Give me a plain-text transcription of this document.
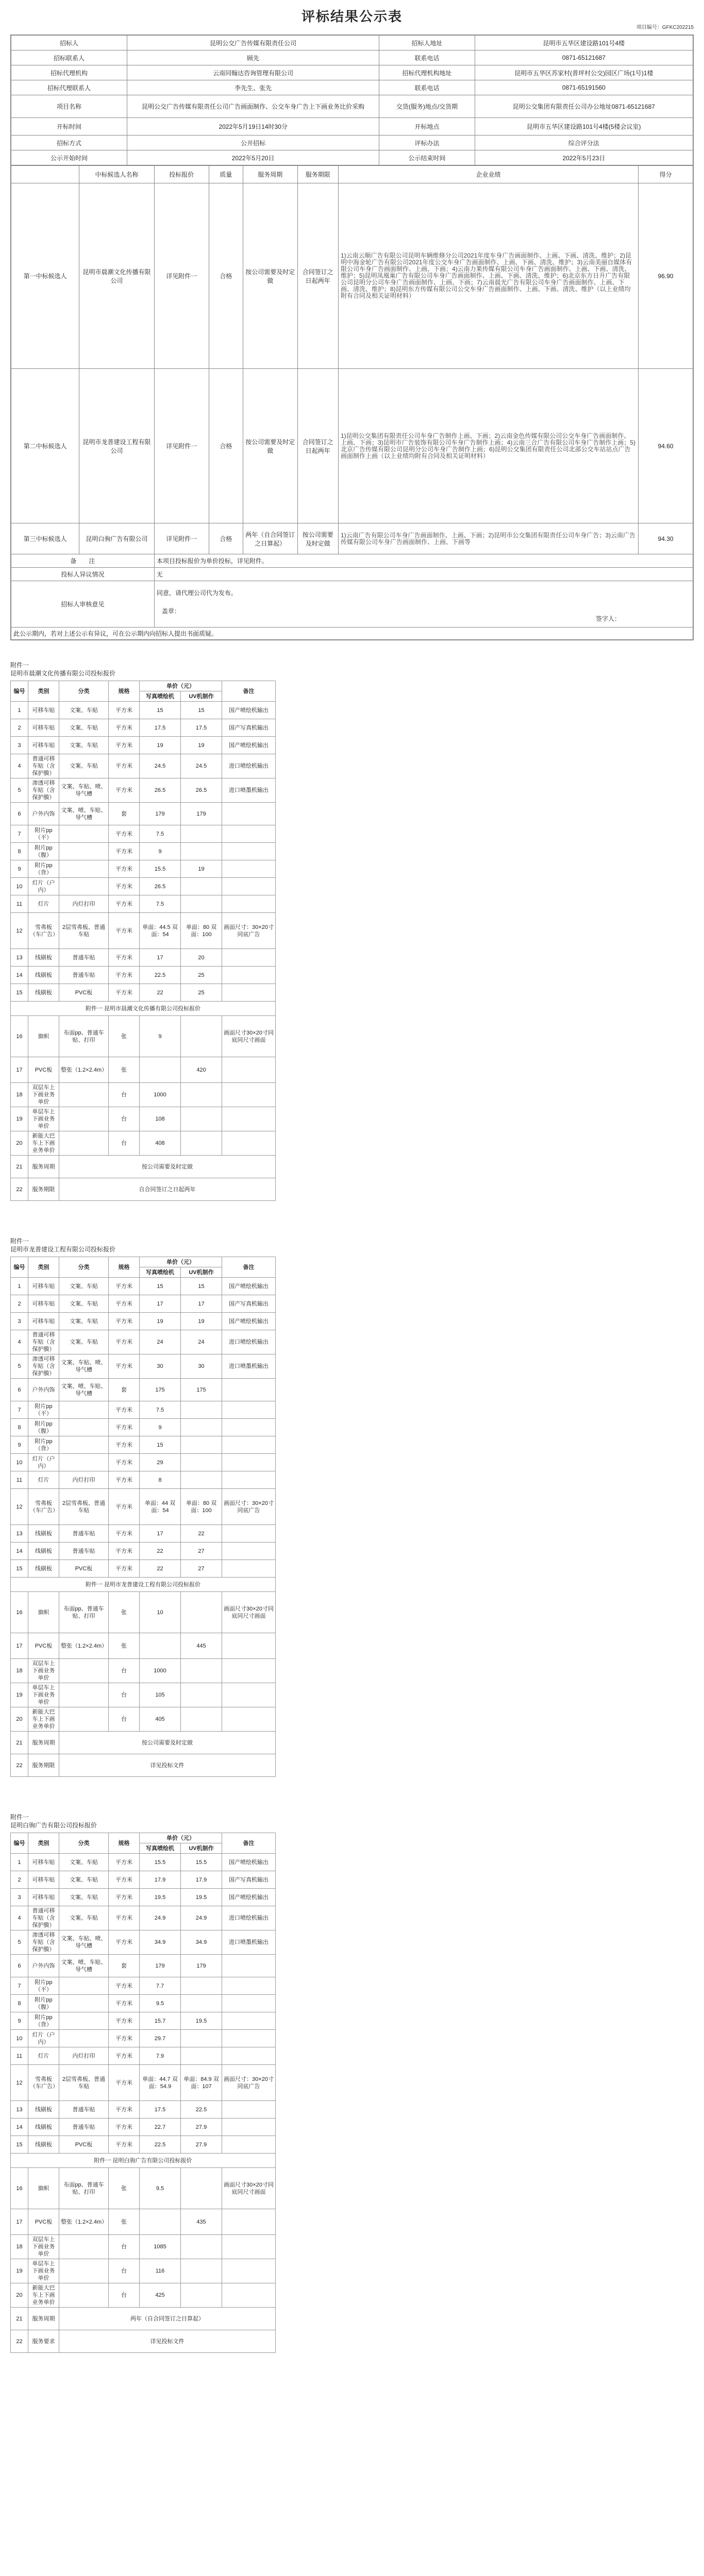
评标结果公示表
项目编号：GFKC202215
招标人	昆明公交广告传媒有限责任公司	招标人地址	昆明市五华区建设路101号4楼
招标联系人	顾先	联系电话	0871-65121687
招标代理机构	云南同翰达咨询管理有限公司	招标代理机构地址	昆明市五华区苏家村(普坪村公交)园区广场(1号)1楼
招标代理联系人	李先生、张先	联系电话	0871-65191560
项目名称	昆明公交广告传媒有限责任公司广告画面制作、公交车身广告上下画业务比价采购	交货(服务)地点/交货期	昆明公交集团有限责任公司办公地址0871-65121687
开标时间	2022年5月19日14时30分	开标地点	昆明市五华区建设路101号4楼(5楼会议室)
招标方式	公开招标	评标办法	综合评分法
公示开始时间	2022年5月20日	公示结束时间	2022年5月23日
	中标候选人名称	投标报价	质量	服务周期	服务期限	企业业绩	得分
第一中标候选人	昆明市晨潮文化传播有限公司	详见附件一	合格	按公司需要及时定做	合同签订之日起两年	1)云南云顺广告有限公司昆明车辆维修分公司2021年度车身广告画面制作、上画、下画、清洗、维护；2)昆明中海金轮广告有限公司2021年度公交车身广告画面制作、上画、下画、清洗、维护；3)云南美丽自媒体有限公司车身广告画面制作、上画、下画；4)云南力莱传媒有限公司车身广告画面制作、上画、下画、清洗、维护；5)昆明凤凰巢广告有限公司车身广告画面制作、上画、下画、清洗、维护；6)北京东方日升广告有限公司昆明分公司车身广告画面制作、上画、下画；7)云南晨光广告有限公司车身广告画面制作、上画、下画、清洗、维护；8)昆明东方传媒有限公司公交车身广告画面制作、上画、下画、清洗、维护（以上业绩均附有合同及相关证明材料）	96.90
第二中标候选人	昆明市龙普建设工程有限公司	详见附件一	合格	按公司需要及时定做	合同签订之日起两年	1)昆明公交集团有限责任公司车身广告制作上画、下画；2)云南金色传媒有限公司公交车身广告画面制作、上画、下画；3)昆明市广告装饰有限公司车身广告制作上画；4)云南三合广告有限公司车身广告制作上画；5)北京广告传媒有限公司昆明分公司车身广告制作上画；6)昆明公交集团有限责任公司北部公交车站站点广告画面制作上画（以上业绩均附有合同及相关证明材料）	94.60
第三中标候选人	昆明白驹广告有限公司	详见附件一	合格	两年（自合同签订之日算起）	按公司需要及时定做	1)云南广告有限公司车身广告画面制作、上画、下画；2)昆明市公交集团有限责任公司车身广告；3)云南广告传媒有限公司车身广告画面制作、上画、下画等	94.30
备　　注		本项目投标报价为单价投标，详见附件。					
投标人异议情况		无					
招标人审核意见		同意，请代理公司代为发布。
盖章：
签字人：					

此公示期内，若对上述公示有异议，可在公示期内向招标人提出书面质疑。							
附件一
昆明市晨潮文化传播有限公司投标报价
编号	类别	分类	规格	单价（元）		备注
				写真喷绘机	UV机制作	
1	可移车贴	文案、车贴	平方米	15	15	国产喷绘机输出
2	可移车贴	文案、车贴	平方米	17.5	17.5	国产写真机输出
3	可移车贴	文案、车贴	平方米	19	19	国产喷绘机输出
4	普通可移车贴（含保护膜）	文案、车贴	平方米	24.5	24.5	进口喷绘机输出
5	渗透可移车贴（含保护膜）	文案、车贴、喷、导气槽	平方米	26.5	26.5	进口喷墨机输出
6	户外内饰	文案、喷、车贴、导气槽	套	179	179	
7	附片pp（平）		平方米	7.5		
8	附片pp（腹）		平方米	9		
9	附片pp（背）		平方米	15.5	19	
10	灯片（户内）		平方米	26.5		
11	灯片	内灯打印	平方米	7.5		
12	雪弗板（车广告）	2层雪弗板、普通车贴	平方米	单面：44.5 双面：54	单面：80 双面：100	画面尺寸：30×20寸 同底广告
13	线刷板	普通车贴	平方米	17	20	
14	线刷板	普通车贴	平方米	22.5	25	
15	线刷板	PVC板	平方米	22	25	
附件一 昆明市晨潮文化传播有限公司投标报价						
16	旗帜	布面pp、普通车贴、打印	张	9		画面尺寸30×20寸同底同尺寸画面
17	PVC板	整张（1.2×2.4m）	张		420	
18	双层车上下画业务单价		台	1000		
19	单层车上下画业务单价		台	108		
20	新能大巴车上下画业务单价		台	408		
21	服务周期	按公司需要及时定做				
22	服务期限	自合同签订之日起两年				
附件一
昆明市龙普建设工程有限公司投标报价
编号	类别	分类	规格	单价（元）		备注
				写真喷绘机	UV机制作	
1	可移车贴	文案、车贴	平方米	15	15	国产喷绘机输出
2	可移车贴	文案、车贴	平方米	17	17	国产写真机输出
3	可移车贴	文案、车贴	平方米	19	19	国产喷绘机输出
4	普通可移车贴（含保护膜）	文案、车贴	平方米	24	24	进口喷绘机输出
5	渗透可移车贴（含保护膜）	文案、车贴、喷、导气槽	平方米	30	30	进口喷墨机输出
6	户外内饰	文案、喷、车贴、导气槽	套	175	175	
7	附片pp（平）		平方米	7.5		
8	附片pp（腹）		平方米	9		
9	附片pp（背）		平方米	15		
10	灯片（户内）		平方米	29		
11	灯片	内灯打印	平方米	8		
12	雪弗板（车广告）	2层雪弗板、普通车贴	平方米	单面：44 双面：54	单面：80 双面：100	画面尺寸：30×20寸 同底广告
13	线刷板	普通车贴	平方米	17	22	
14	线刷板	普通车贴	平方米	22	27	
15	线刷板	PVC板	平方米	22	27	
附件一 昆明市龙普建设工程有限公司投标报价						
16	旗帜	布面pp、普通车贴、打印	张	10		画面尺寸30×20寸同底同尺寸画面
17	PVC板	整张（1.2×2.4m）	张		445	
18	双层车上下画业务单价		台	1000		
19	单层车上下画业务单价		台	105		
20	新能大巴车上下画业务单价		台	405		
21	服务周期	按公司需要及时定做				
22	服务期限	详见投标文件				
附件一
昆明白驹广告有限公司投标报价
编号	类别	分类	规格	单价（元）		备注
				写真喷绘机	UV机制作	
1	可移车贴	文案、车贴	平方米	15.5	15.5	国产喷绘机输出
2	可移车贴	文案、车贴	平方米	17.9	17.9	国产写真机输出
3	可移车贴	文案、车贴	平方米	19.5	19.5	国产喷绘机输出
4	普通可移车贴（含保护膜）	文案、车贴	平方米	24.9	24.9	进口喷绘机输出
5	渗透可移车贴（含保护膜）	文案、车贴、喷、导气槽	平方米	34.9	34.9	进口喷墨机输出
6	户外内饰	文案、喷、车贴、导气槽	套	179	179	
7	附片pp（平）		平方米	7.7		
8	附片pp（腹）		平方米	9.5		
9	附片pp（背）		平方米	15.7	19.5	
10	灯片（户内）		平方米	29.7		
11	灯片	内灯打印	平方米	7.9		
12	雪弗板（车广告）	2层雪弗板、普通车贴	平方米	单面：44.7 双面：54.9	单面：84.9 双面：107	画面尺寸：30×20寸 同底广告
13	线刷板	普通车贴	平方米	17.5	22.5	
14	线刷板	普通车贴	平方米	22.7	27.9	
15	线刷板	PVC板	平方米	22.5	27.9	
附件一 昆明白驹广告有限公司投标报价						
16	旗帜	布面pp、普通车贴、打印	张	9.5		画面尺寸30×20寸同底同尺寸画面
17	PVC板	整张（1.2×2.4m）	张		435	
18	双层车上下画业务单价		台	1085		
19	单层车上下画业务单价		台	116		
20	新能大巴车上下画业务单价		台	425		
21	服务周期	两年（自合同签订之日算起）				
22	服务要求	详见投标文件				
